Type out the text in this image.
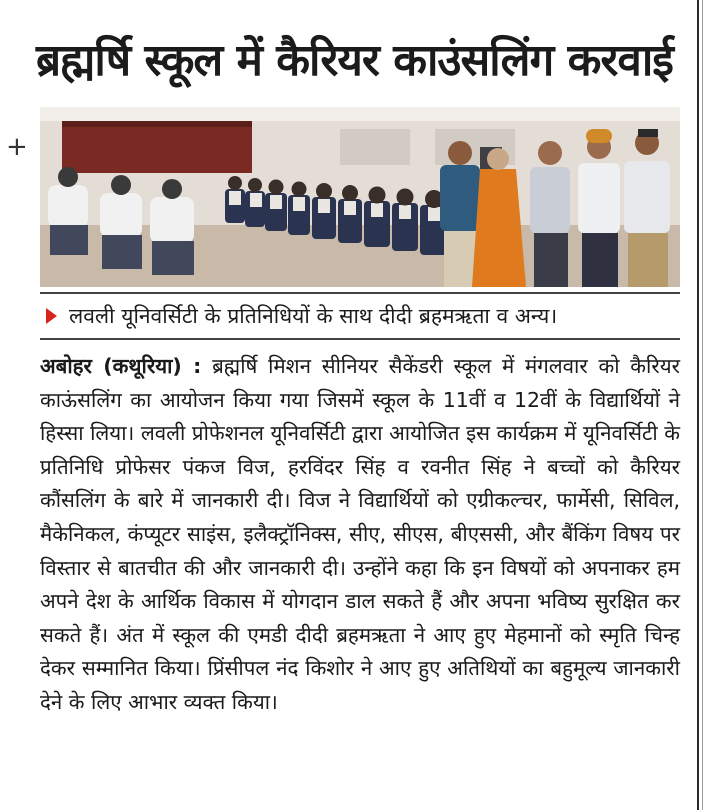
ब्रह्मर्षि स्कूल में कैरियर काउंसलिंग करवाई
+
लवली यूनिवर्सिटी के प्रतिनिधियों के साथ दीदी ब्रहमऋता व अन्य।
अबोहर (कथूरिया) : ब्रह्मर्षि मिशन सीनियर सैकेंडरी स्कूल में मंगलवार को कैरियर काऊंसलिंग का आयोजन किया गया जिसमें स्कूल के 11वीं व 12वीं के विद्यार्थियों ने हिस्सा लिया। लवली प्रोफेशनल यूनिवर्सिटी द्वारा आयोजित इस कार्यक्रम में यूनिवर्सिटी के प्रतिनिधि प्रोफेसर पंकज विज, हरविंदर सिंह व रवनीत सिंह ने बच्चों को कैरियर कौंसलिंग के बारे में जानकारी दी। विज ने विद्यार्थियों को एग्रीकल्चर, फार्मेसी, सिविल, मैकेनिकल, कंप्यूटर साइंस, इलैक्ट्रॉनिक्स, सीए, सीएस, बीएससी, और बैंकिंग विषय पर विस्तार से बातचीत की और जानकारी दी। उन्होंने कहा कि इन विषयों को अपनाकर हम अपने देश के आर्थिक विकास में योगदान डाल सकते हैं और अपना भविष्य सुरक्षित कर सकते हैं। अंत में स्कूल की एमडी दीदी ब्रहमऋता ने आए हुए मेहमानों को स्मृति चिन्ह देकर सम्मानित किया। प्रिंसीपल नंद किशोर ने आए हुए अतिथियों का बहुमूल्य जानकारी देने के लिए आभार व्यक्त किया।
